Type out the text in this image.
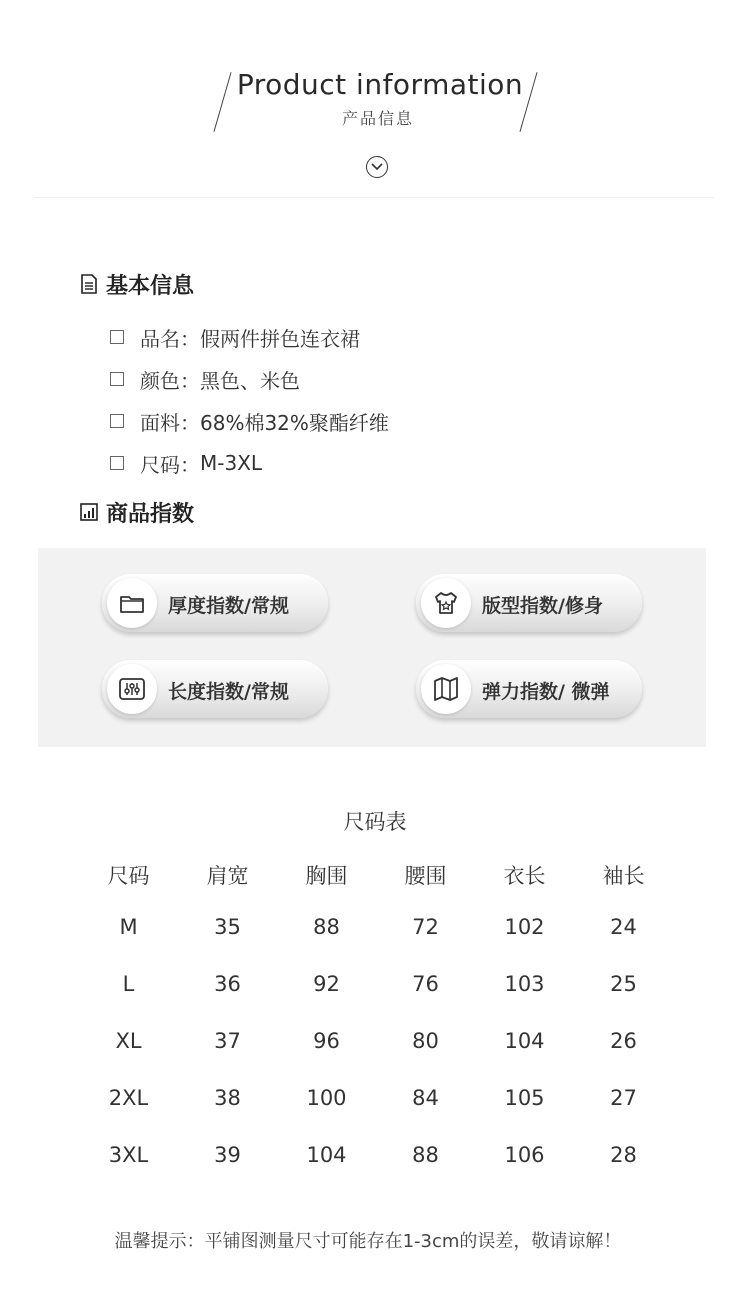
Product information
产品信息
基本信息
品名： 假两件拼色连衣裙
颜色： 黑色、米色
面料： 68%棉32%聚酯纤维
尺码： M-3XL
商品指数
厚度指数/常规	版型指数/修身
长度指数/常规	弹力指数/ 微弹
尺码表
尺码	肩宽	胸围	腰围	衣长	袖长
M	35	88	72	102	24
L	36	92	76	103	25
XL	37	96	80	104	26
2XL	38	100	84	105	27
3XL	39	104	88	106	28
温馨提示：平铺图测量尺寸可能存在1-3cm的误差，敬请谅解！
